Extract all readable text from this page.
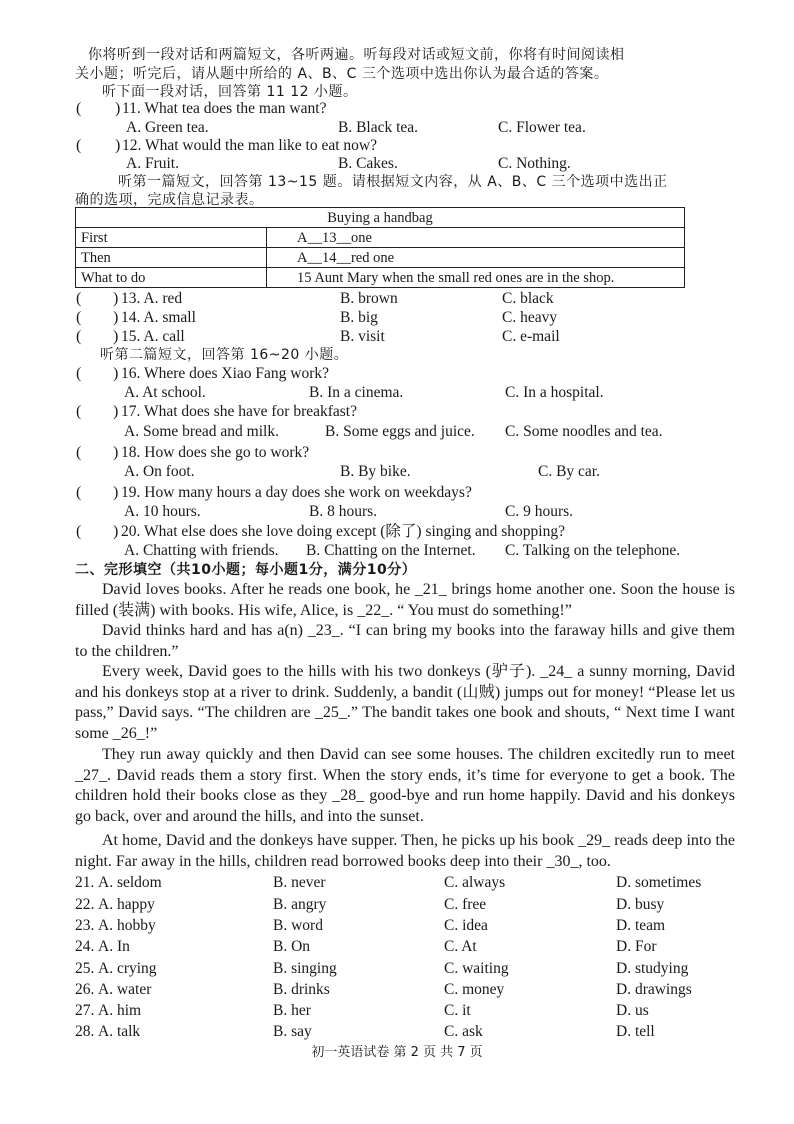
你将听到一段对话和两篇短文，各听两遍。听每段对话或短文前，你将有时间阅读相
关小题；听完后，请从题中所给的 A、B、C 三个选项中选出你认为最合适的答案。
听下面一段对话，回答第 11 12 小题。
( ) 11. What tea does the man want?
A. Green tea.	B. Black tea.	C. Flower tea.
( ) 12. What would the man like to eat now?
A. Fruit.	B. Cakes.	C. Nothing.
听第一篇短文，回答第 13~15 题。请根据短文内容，从 A、B、C 三个选项中选出正
确的选项，完成信息记录表。
Buying a handbag	
First	A__13__one
Then	A__14__red one
What to do	15 Aunt Mary when the small red ones are in the shop.
( ) 13. A. red	B. brown	C. black
( ) 14. A. small	B. big	C. heavy
( ) 15. A. call	B. visit	C. e-mail
听第二篇短文，回答第 16~20 小题。
( ) 16. Where does Xiao Fang work?
A. At school.	B. In a cinema.	C. In a hospital.
( ) 17. What does she have for breakfast?
A. Some bread and milk.	B. Some eggs and juice. C. Some noodles and tea.
( ) 18. How does she go to work?
A. On foot.	B. By bike.	C. By car.
( ) 19. How many hours a day does she work on weekdays?
A. 10 hours.	B. 8 hours.	C. 9 hours.
( ) 20. What else does she love doing except (除了) singing and shopping?
A. Chatting with friends. B. Chatting on the Internet. C. Talking on the telephone.
二、完形填空（共10小题；每小题1分，满分10分）
David loves books. After he reads one book, he _21_ brings home another one. Soon the house is filled (装满) with books. His wife, Alice, is _22_. “ You must do something!”
David thinks hard and has a(n) _23_. “I can bring my books into the faraway hills and give them to the children.”
Every week, David goes to the hills with his two donkeys (驴子). _24_ a sunny morning, David and his donkeys stop at a river to drink. Suddenly, a bandit (山贼) jumps out for money! “Please let us pass,” David says. “The children are _25_.” The bandit takes one book and shouts, “ Next time I want some _26_!”
They run away quickly and then David can see some houses. The children excitedly run to meet _27_. David reads them a story first. When the story ends, it’s time for everyone to get a book. The children hold their books close as they _28_ good-bye and run home happily. David and his donkeys go back, over and around the hills, and into the sunset.
At home, David and the donkeys have supper. Then, he picks up his book _29_ reads deep into the night. Far away in the hills, children read borrowed books deep into their _30_, too.
21. A. seldom	B. never	C. always	D. sometimes
22. A. happy	B. angry	C. free	D. busy
23. A. hobby	B. word	C. idea	D. team
24. A. In	B. On	C. At	D. For
25. A. crying	B. singing	C. waiting	D. studying
26. A. water	B. drinks	C. money	D. drawings
27. A. him	B. her	C. it	D. us
28. A. talk	B. say	C. ask	D. tell
初一英语试卷 第 2 页 共 7 页
